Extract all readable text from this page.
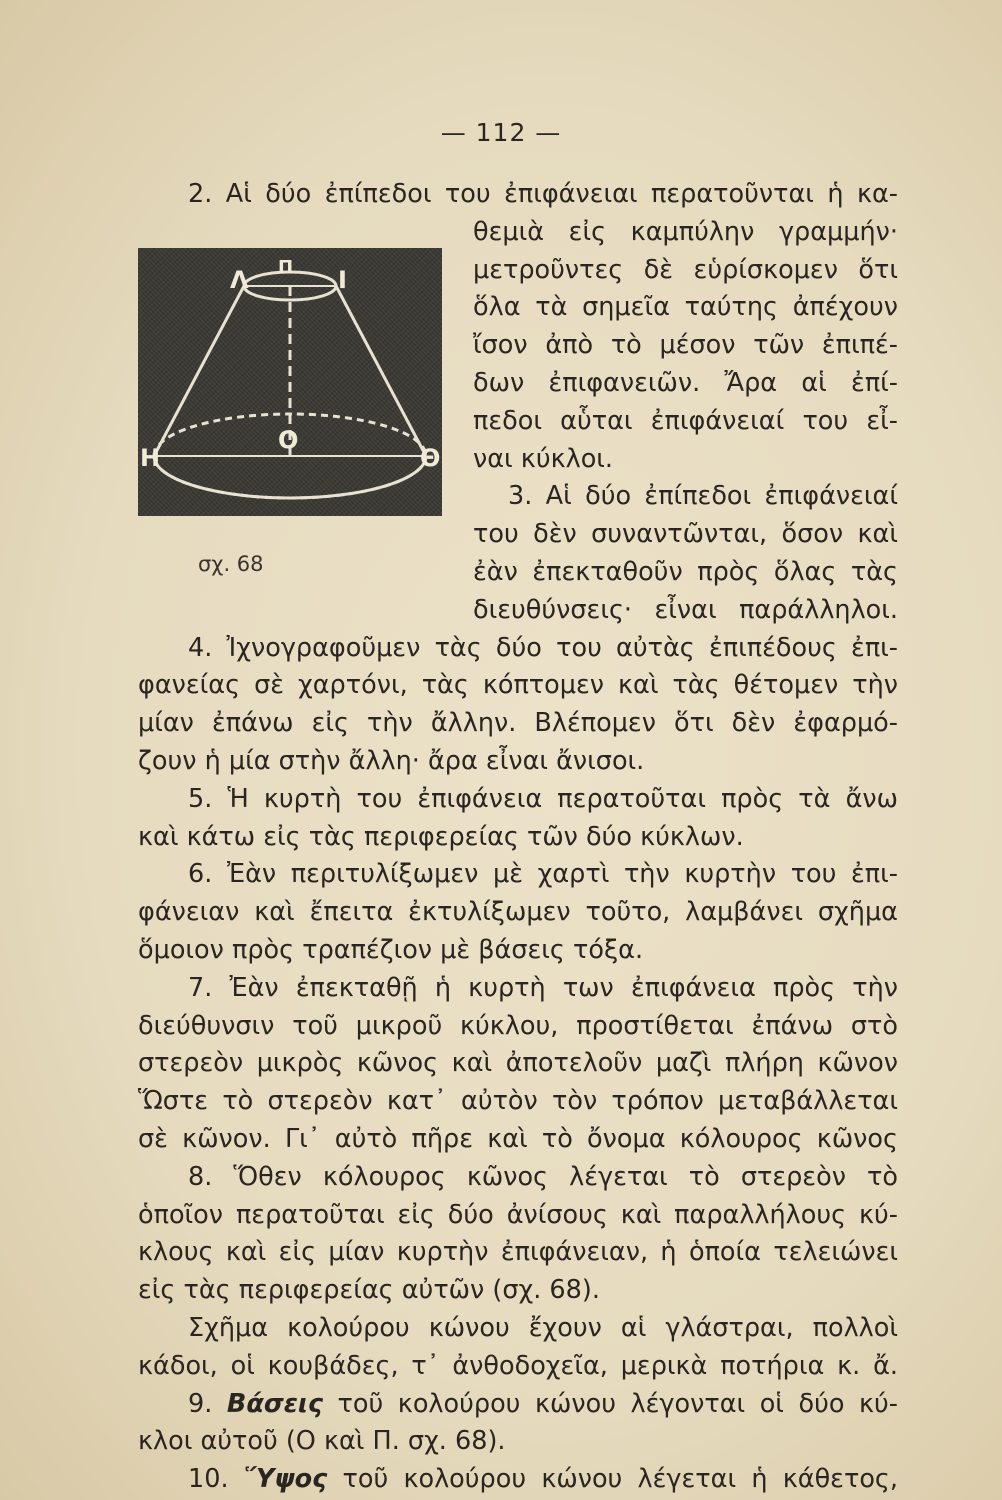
— 112 —
Λ Π Ι
Η
Ο
Θ
σχ. 68
2. Αἱ δύο ἐπίπεδοι του ἐπιφάνειαι περατοῦνται ἡ κα-
θεμιὰ εἰς καμπύλην γραμμήν·
μετροῦντες δὲ εὑρίσκομεν ὅτι
ὅλα τὰ σημεῖα ταύτης ἀπέχουν
ἴσον ἀπὸ τὸ μέσον τῶν ἐπιπέ-
δων ἐπιφανειῶν. Ἄρα αἱ ἐπί-
πεδοι αὗται ἐπιφάνειαί του εἶ-
ναι κύκλοι.
3. Αἱ δύο ἐπίπεδοι ἐπιφάνειαί
του δὲν συναντῶνται, ὅσον καὶ
ἐὰν ἐπεκταθοῦν πρὸς ὅλας τὰς
διευθύνσεις· εἶναι παράλληλοι.
4. Ἰχνογραφοῦμεν τὰς δύο του αὐτὰς ἐπιπέδους ἐπι-
φανείας σὲ χαρτόνι, τὰς κόπτομεν καὶ τὰς θέτομεν τὴν
μίαν ἐπάνω εἰς τὴν ἄλλην. Βλέπομεν ὅτι δὲν ἐφαρμό-
ζουν ἡ μία στὴν ἄλλη· ἄρα εἶναι ἄνισοι.
5. Ἡ κυρτὴ του ἐπιφάνεια περατοῦται πρὸς τὰ ἄνω
καὶ κάτω εἰς τὰς περιφερείας τῶν δύο κύκλων.
6. Ἐὰν περιτυλίξωμεν μὲ χαρτὶ τὴν κυρτὴν του ἐπι-
φάνειαν καὶ ἔπειτα ἐκτυλίξωμεν τοῦτο, λαμβάνει σχῆμα
ὅμοιον πρὸς τραπέζιον μὲ βάσεις τόξα.
7. Ἐὰν ἐπεκταθῇ ἡ κυρτὴ των ἐπιφάνεια πρὸς τὴν
διεύθυνσιν τοῦ μικροῦ κύκλου, προστίθεται ἐπάνω στὸ
στερεὸν μικρὸς κῶνος καὶ ἀποτελοῦν μαζὶ πλήρη κῶνον
Ὥστε τὸ στερεὸν κατ᾽ αὐτὸν τὸν τρόπον μεταβάλλεται
σὲ κῶνον. Γι᾽ αὐτὸ πῆρε καὶ τὸ ὄνομα κόλουρος κῶνος
8. Ὅθεν κόλουρος κῶνος λέγεται τὸ στερεὸν τὸ
ὁποῖον περατοῦται εἰς δύο ἀνίσους καὶ παραλλήλους κύ-
κλους καὶ εἰς μίαν κυρτὴν ἐπιφάνειαν, ἡ ὁποία τελειώνει
εἰς τὰς περιφερείας αὐτῶν (σχ. 68).
Σχῆμα κολούρου κώνου ἔχουν αἱ γλάστραι, πολλοὶ
κάδοι, οἱ κουβάδες, τ᾽ ἀνθοδοχεῖα, μερικὰ ποτήρια κ. ἄ.
9. Βάσεις τοῦ κολούρου κώνου λέγονται οἱ δύο κύ-
κλοι αὐτοῦ (Ο καὶ Π. σχ. 68).
10. Ὕψος τοῦ κολούρου κώνου λέγεται ἡ κάθετος,
